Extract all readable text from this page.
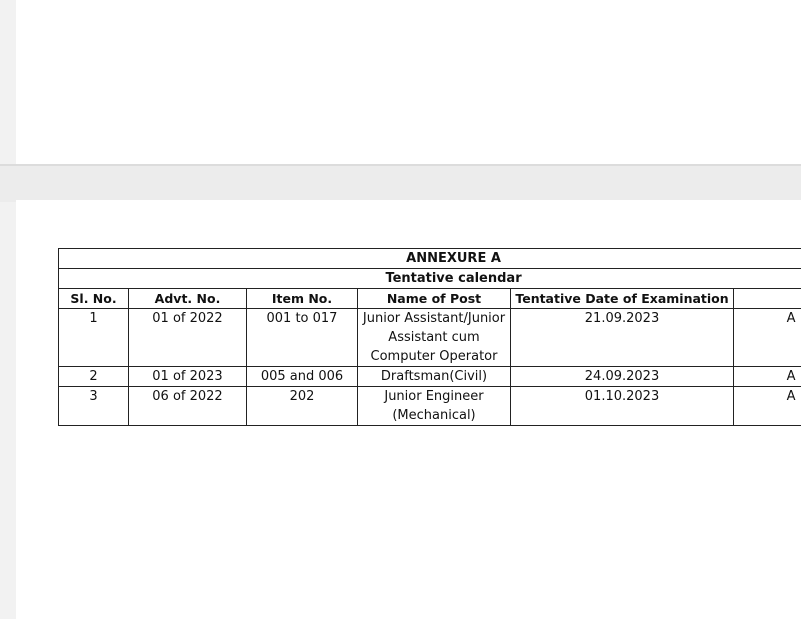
ANNEXURE A					
Tentative calendar					
Sl. No.	Advt. No.	Item No.	Name of Post	Tentative Date of Examination	
1	01 of 2022	001 to 017	Junior Assistant/Junior Assistant cum Computer Operator	21.09.2023	A
2	01 of 2023	005 and 006	Draftsman(Civil)	24.09.2023	A
3	06 of 2022	202	Junior Engineer (Mechanical)	01.10.2023	A
